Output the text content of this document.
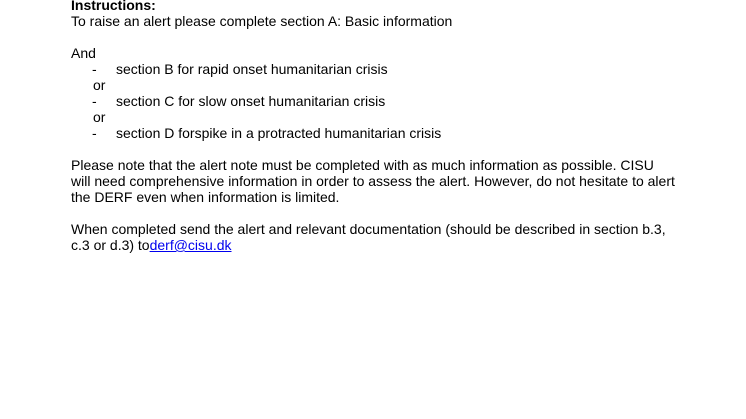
Instructions:
To raise an alert please complete section A: Basic information
And
- section B for rapid onset humanitarian crisis
or
- section C for slow onset humanitarian crisis
or
- section D forspike in a protracted humanitarian crisis
Please note that the alert note must be completed with as much information as possible. CISU will need comprehensive information in order to assess the alert. However, do not hesitate to alert the DERF even when information is limited.
When completed send the alert and relevant documentation (should be described in section b.3, c.3 or d.3) toderf@cisu.dk
